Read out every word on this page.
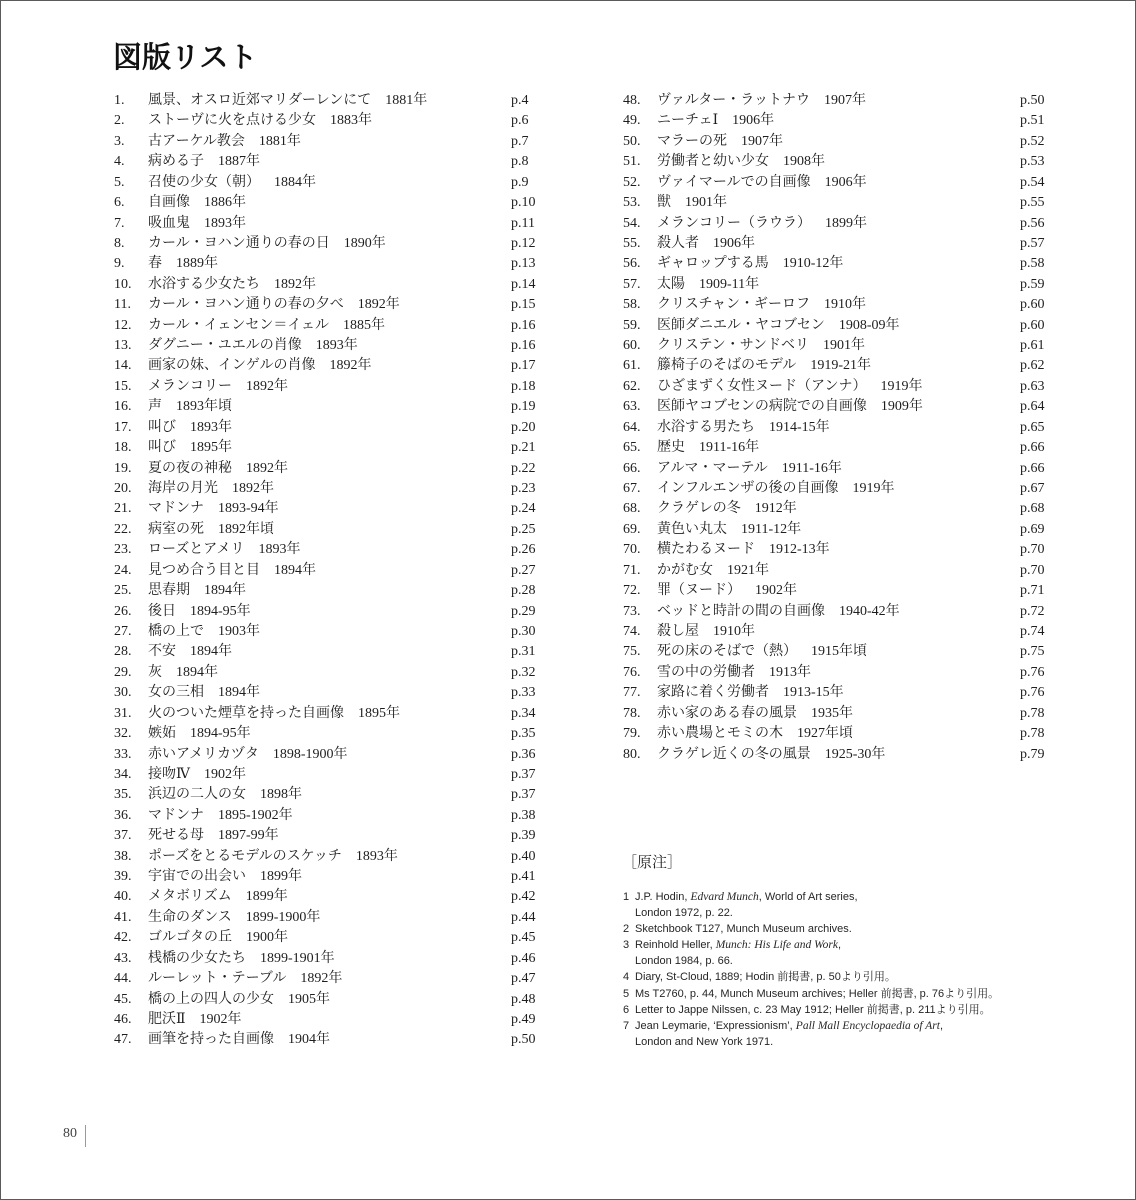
図版リスト
1. 風景、オスロ近郊マリダーレンにて 1881年	p.4
2. ストーヴに火を点ける少女 1883年	p.6
3. 古アーケル教会 1881年	p.7
4. 病める子 1887年	p.8
5. 召使の少女（朝） 1884年	p.9
6. 自画像 1886年	p.10
7. 吸血鬼 1893年	p.11
8. カール・ヨハン通りの春の日 1890年	p.12
9. 春 1889年	p.13
10. 水浴する少女たち 1892年	p.14
11. カール・ヨハン通りの春の夕べ 1892年	p.15
12. カール・イェンセン＝イェル 1885年	p.16
13. ダグニー・ユエルの肖像 1893年	p.16
14. 画家の妹、インゲルの肖像 1892年	p.17
15. メランコリー 1892年	p.18
16. 声 1893年頃	p.19
17. 叫び 1893年	p.20
18. 叫び 1895年	p.21
19. 夏の夜の神秘 1892年	p.22
20. 海岸の月光 1892年	p.23
21. マドンナ 1893-94年	p.24
22. 病室の死 1892年頃	p.25
23. ローズとアメリ 1893年	p.26
24. 見つめ合う目と目 1894年	p.27
25. 思春期 1894年	p.28
26. 後日 1894-95年	p.29
27. 橋の上で 1903年	p.30
28. 不安 1894年	p.31
29. 灰 1894年	p.32
30. 女の三相 1894年	p.33
31. 火のついた煙草を持った自画像 1895年	p.34
32. 嫉妬 1894-95年	p.35
33. 赤いアメリカヅタ 1898-1900年	p.36
34. 接吻Ⅳ 1902年	p.37
35. 浜辺の二人の女 1898年	p.37
36. マドンナ 1895-1902年	p.38
37. 死せる母 1897-99年	p.39
38. ポーズをとるモデルのスケッチ 1893年	p.40
39. 宇宙での出会い 1899年	p.41
40. メタボリズム 1899年	p.42
41. 生命のダンス 1899-1900年	p.44
42. ゴルゴタの丘 1900年	p.45
43. 桟橋の少女たち 1899-1901年	p.46
44. ルーレット・テーブル 1892年	p.47
45. 橋の上の四人の少女 1905年	p.48
46. 肥沃Ⅱ 1902年	p.49
47. 画筆を持った自画像 1904年	p.50
48. ヴァルター・ラットナウ 1907年	p.50
49. ニーチェⅠ 1906年	p.51
50. マラーの死 1907年	p.52
51. 労働者と幼い少女 1908年	p.53
52. ヴァイマールでの自画像 1906年	p.54
53. 獣 1901年	p.55
54. メランコリー（ラウラ） 1899年	p.56
55. 殺人者 1906年	p.57
56. ギャロップする馬 1910-12年	p.58
57. 太陽 1909-11年	p.59
58. クリスチャン・ギーロフ 1910年	p.60
59. 医師ダニエル・ヤコブセン 1908-09年	p.60
60. クリステン・サンドベリ 1901年	p.61
61. 籐椅子のそばのモデル 1919-21年	p.62
62. ひざまずく女性ヌード（アンナ） 1919年	p.63
63. 医師ヤコブセンの病院での自画像 1909年	p.64
64. 水浴する男たち 1914-15年	p.65
65. 歴史 1911-16年	p.66
66. アルマ・マーテル 1911-16年	p.66
67. インフルエンザの後の自画像 1919年	p.67
68. クラゲレの冬 1912年	p.68
69. 黄色い丸太 1911-12年	p.69
70. 横たわるヌード 1912-13年	p.70
71. かがむ女 1921年	p.70
72. 罪（ヌード） 1902年	p.71
73. ベッドと時計の間の自画像 1940-42年	p.72
74. 殺し屋 1910年	p.74
75. 死の床のそばで（熱） 1915年頃	p.75
76. 雪の中の労働者 1913年	p.76
77. 家路に着く労働者 1913-15年	p.76
78. 赤い家のある春の風景 1935年	p.78
79. 赤い農場とモミの木 1927年頃	p.78
80. クラゲレ近くの冬の風景 1925-30年	p.79
［原注］
1 J.P. Hodin, Edvard Munch, World of Art series,
London 1972, p. 22.
2 Sketchbook T127, Munch Museum archives.
3 Reinhold Heller, Munch: His Life and Work,
London 1984, p. 66.
4 Diary, St-Cloud, 1889; Hodin 前掲書, p. 50より引用。
5 Ms T2760, p. 44, Munch Museum archives; Heller 前掲書, p. 76より引用。
6 Letter to Jappe Nilssen, c. 23 May 1912; Heller 前掲書, p. 211より引用。
7 Jean Leymarie, ‘Expressionism’, Pall Mall Encyclopaedia of Art,
London and New York 1971.
80
